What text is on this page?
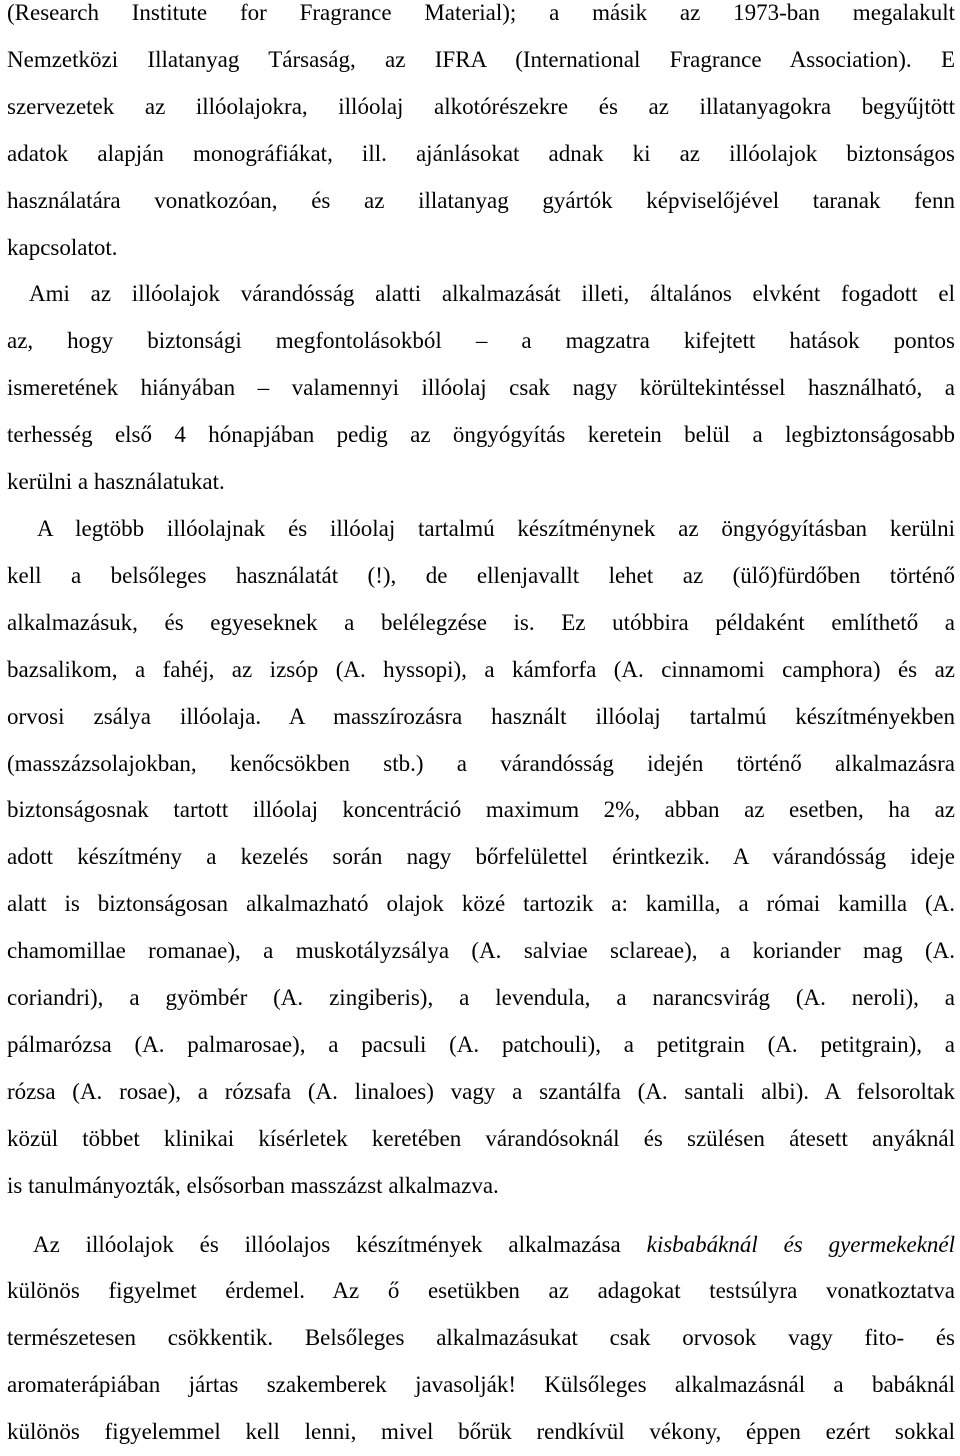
(Research Institute for Fragrance Material); a másik az 1973-ban megalakult
Nemzetközi Illatanyag Társaság, az IFRA (International Fragrance Association). E
szervezetek az illóolajokra, illóolaj alkotórészekre és az illatanyagokra begyűjtött
adatok alapján monográfiákat, ill. ajánlásokat adnak ki az illóolajok biztonságos
használatára vonatkozóan, és az illatanyag gyártók képviselőjével taranak fenn
kapcsolatot.
Ami az illóolajok várandósság alatti alkalmazását illeti, általános elvként fogadott el
az, hogy biztonsági megfontolásokból – a magzatra kifejtett hatások pontos
ismeretének hiányában – valamennyi illóolaj csak nagy körültekintéssel használható, a
terhesség első 4 hónapjában pedig az öngyógyítás keretein belül a legbiztonságosabb
kerülni a használatukat.
A legtöbb illóolajnak és illóolaj tartalmú készítménynek az öngyógyításban kerülni
kell a belsőleges használatát (!), de ellenjavallt lehet az (ülő)fürdőben történő
alkalmazásuk, és egyeseknek a belélegzése is. Ez utóbbira példaként említhető a
bazsalikom, a fahéj, az izsóp (A. hyssopi), a kámforfa (A. cinnamomi camphora) és az
orvosi zsálya illóolaja. A masszírozásra használt illóolaj tartalmú készítményekben
(masszázsolajokban, kenőcsökben stb.) a várandósság idején történő alkalmazásra
biztonságosnak tartott illóolaj koncentráció maximum 2%, abban az esetben, ha az
adott készítmény a kezelés során nagy bőrfelülettel érintkezik. A várandósság ideje
alatt is biztonságosan alkalmazható olajok közé tartozik a: kamilla, a római kamilla (A.
chamomillae romanae), a muskotályzsálya (A. salviae sclareae), a koriander mag (A.
coriandri), a gyömbér (A. zingiberis), a levendula, a narancsvirág (A. neroli), a
pálmarózsa (A. palmarosae), a pacsuli (A. patchouli), a petitgrain (A. petitgrain), a
rózsa (A. rosae), a rózsafa (A. linaloes) vagy a szantálfa (A. santali albi). A felsoroltak
közül többet klinikai kísérletek keretében várandósoknál és szülésen átesett anyáknál
is tanulmányozták, elsősorban masszázst alkalmazva.
Az illóolajok és illóolajos készítmények alkalmazása kisbabáknál és gyermekeknél
különös figyelmet érdemel. Az ő esetükben az adagokat testsúlyra vonatkoztatva
természetesen csökkentik. Belsőleges alkalmazásukat csak orvosok vagy fito- és
aromaterápiában jártas szakemberek javasolják! Külsőleges alkalmazásnál a babáknál
különös figyelemmel kell lenni, mivel bőrük rendkívül vékony, éppen ezért sokkal
